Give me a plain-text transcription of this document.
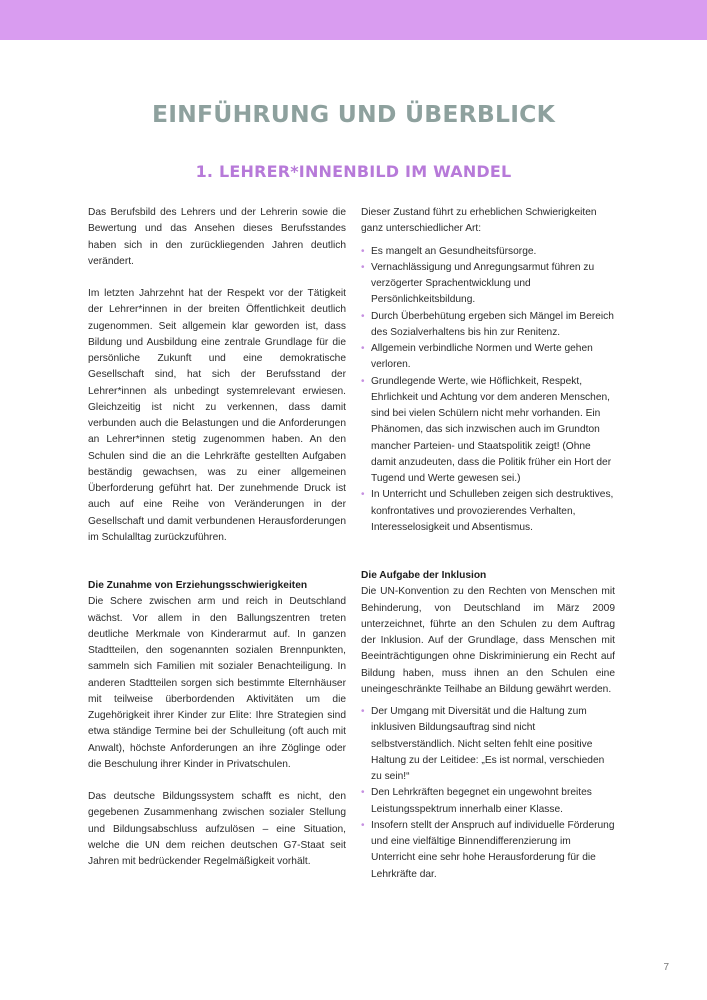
EINFÜHRUNG UND ÜBERBLICK
1. LEHRER*INNENBILD IM WANDEL

Das Berufsbild des Lehrers und der Lehrerin sowie die Bewertung und das Ansehen dieses Berufsstandes haben sich in den zurückliegenden Jahren deutlich verändert.

Im letzten Jahrzehnt hat der Respekt vor der Tätigkeit der Lehrer*innen in der breiten Öffentlichkeit deutlich zugenommen. Seit allgemein klar geworden ist, dass Bildung und Ausbildung eine zentrale Grundlage für die persönliche Zukunft und eine demokratische Gesellschaft sind, hat sich der Berufsstand der Lehrer*innen als unbedingt systemrelevant erwiesen. Gleichzeitig ist nicht zu verkennen, dass damit verbunden auch die Belastungen und die Anforderungen an Lehrer*innen stetig zugenommen haben. An den Schulen sind die an die Lehrkräfte gestellten Aufgaben beständig gewachsen, was zu einer allgemeinen Überforderung geführt hat. Der zunehmende Druck ist auch auf eine Reihe von Veränderungen in der Gesellschaft und damit verbundenen Herausforderungen im Schulalltag zurückzuführen.

Die Zunahme von Erziehungsschwierigkeiten

Die Schere zwischen arm und reich in Deutschland wächst. Vor allem in den Ballungszentren treten deutliche Merkmale von Kinderarmut auf. In ganzen Stadtteilen, den sogenannten sozialen Brennpunkten, sammeln sich Familien mit sozialer Benachteiligung. In anderen Stadtteilen sorgen sich bestimmte Elternhäuser mit teilweise überbordenden Aktivitäten um die Zugehörigkeit ihrer Kinder zur Elite: Ihre Strategien sind etwa ständige Termine bei der Schulleitung (oft auch mit Anwalt), höchste Anforderungen an ihre Zöglinge oder die Beschulung ihrer Kinder in Privatschulen.

Das deutsche Bildungssystem schafft es nicht, den gegebenen Zusammenhang zwischen sozialer Stellung und Bildungsabschluss aufzulösen – eine Situation, welche die UN dem reichen deutschen G7-Staat seit Jahren mit bedrückender Regelmäßigkeit vorhält.

Dieser Zustand führt zu erheblichen Schwierigkeiten ganz unterschiedlicher Art:

• Es mangelt an Gesundheitsfürsorge.
• Vernachlässigung und Anregungsarmut führen zu verzögerter Sprachentwicklung und Persönlichkeitsbildung.
• Durch Überbehütung ergeben sich Mängel im Bereich des Sozialverhaltens bis hin zur Renitenz.
• Allgemein verbindliche Normen und Werte gehen verloren.
• Grundlegende Werte, wie Höflichkeit, Respekt, Ehrlichkeit und Achtung vor dem anderen Menschen, sind bei vielen Schülern nicht mehr vorhanden. Ein Phänomen, das sich inzwischen auch im Grundton mancher Parteien- und Staatspolitik zeigt! (Ohne damit anzudeuten, dass die Politik früher ein Hort der Tugend und Werte gewesen sei.)
• In Unterricht und Schulleben zeigen sich destruktives, konfrontatives und provozierendes Verhalten, Interesselosigkeit und Absentismus.

Die Aufgabe der Inklusion

Die UN-Konvention zu den Rechten von Menschen mit Behinderung, von Deutschland im März 2009 unterzeichnet, führte an den Schulen zu dem Auftrag der Inklusion. Auf der Grundlage, dass Menschen mit Beeinträchtigungen ohne Diskriminierung ein Recht auf Bildung haben, muss ihnen an den Schulen eine uneingeschränkte Teilhabe an Bildung gewährt werden.

• Der Umgang mit Diversität und die Haltung zum inklusiven Bildungsauftrag sind nicht selbstverständlich. Nicht selten fehlt eine positive Haltung zu der Leitidee: „Es ist normal, verschieden zu sein!“
• Den Lehrkräften begegnet ein ungewohnt breites Leistungsspektrum innerhalb einer Klasse.
• Insofern stellt der Anspruch auf individuelle Förderung und eine vielfältige Binnendifferenzierung im Unterricht eine sehr hohe Herausforderung für die Lehrkräfte dar.
7
